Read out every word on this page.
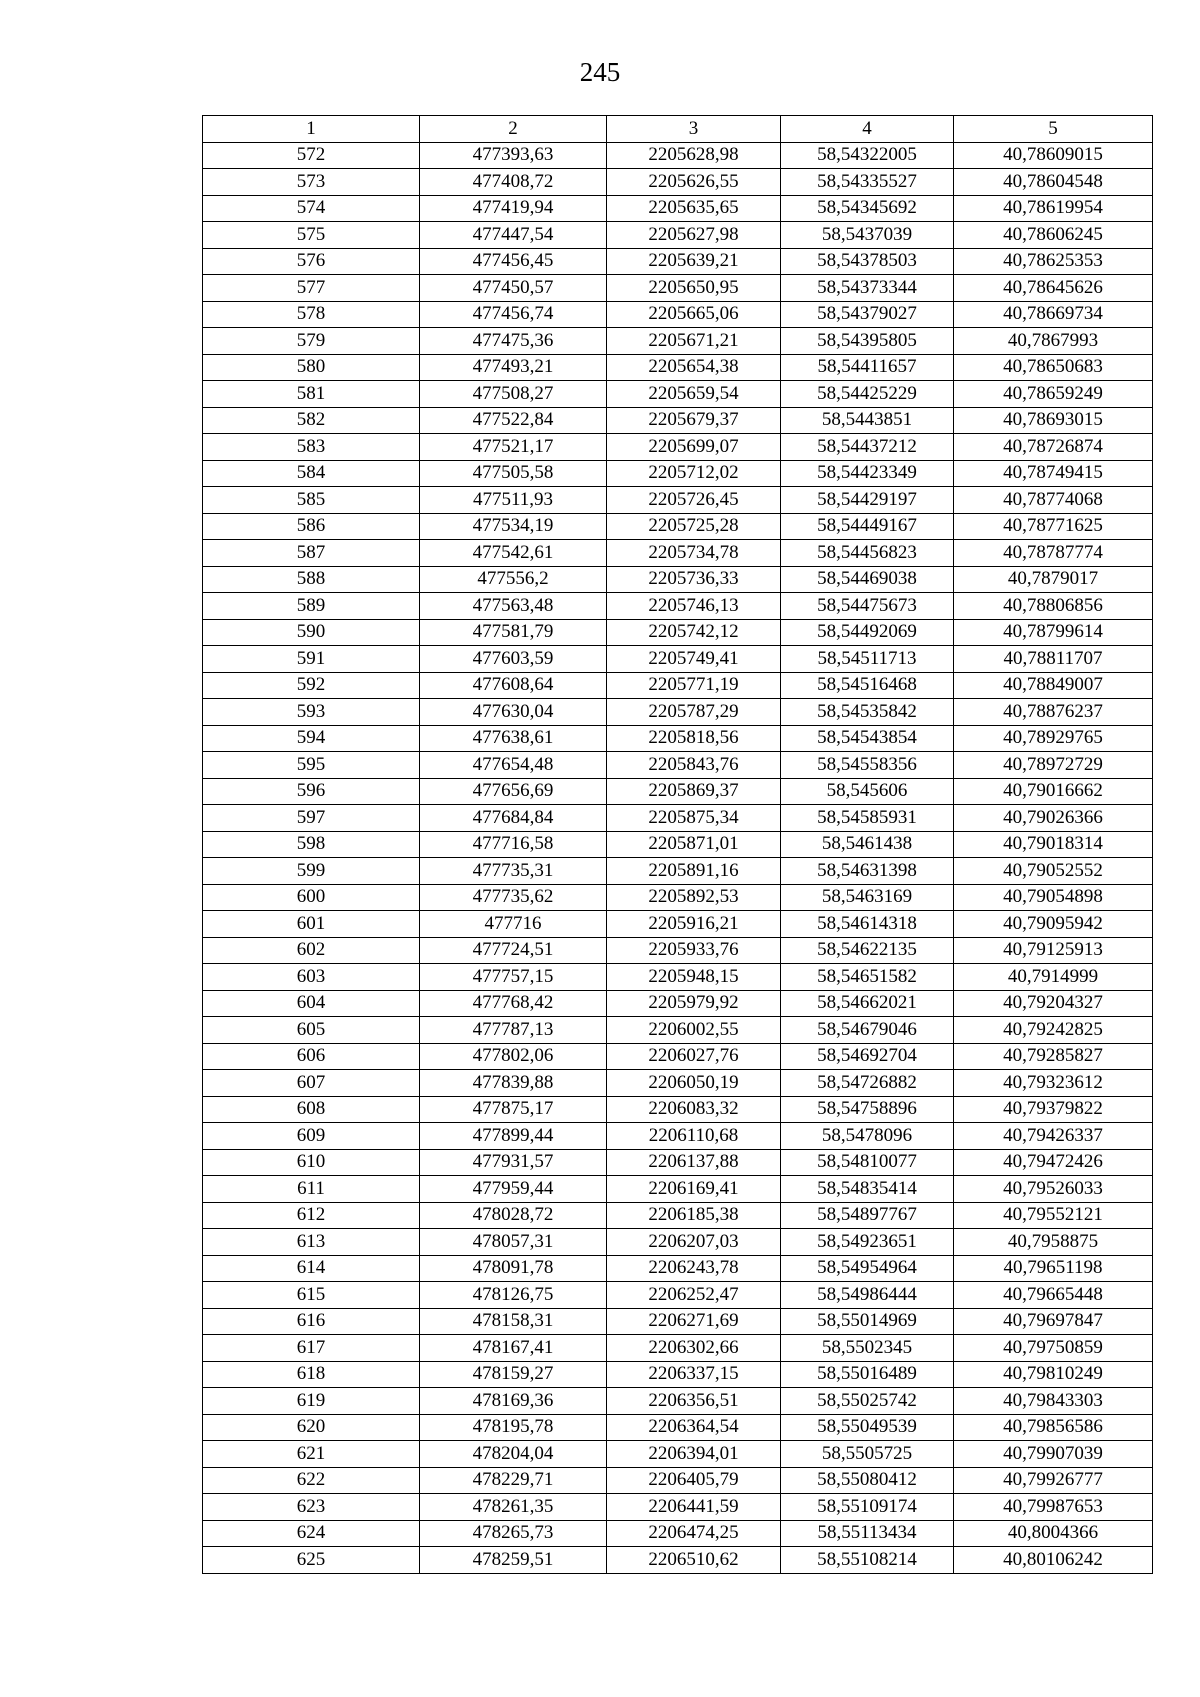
245
1	2	3	4	5
572	477393,63	2205628,98	58,54322005	40,78609015
573	477408,72	2205626,55	58,54335527	40,78604548
574	477419,94	2205635,65	58,54345692	40,78619954
575	477447,54	2205627,98	58,5437039	40,78606245
576	477456,45	2205639,21	58,54378503	40,78625353
577	477450,57	2205650,95	58,54373344	40,78645626
578	477456,74	2205665,06	58,54379027	40,78669734
579	477475,36	2205671,21	58,54395805	40,7867993
580	477493,21	2205654,38	58,54411657	40,78650683
581	477508,27	2205659,54	58,54425229	40,78659249
582	477522,84	2205679,37	58,5443851	40,78693015
583	477521,17	2205699,07	58,54437212	40,78726874
584	477505,58	2205712,02	58,54423349	40,78749415
585	477511,93	2205726,45	58,54429197	40,78774068
586	477534,19	2205725,28	58,54449167	40,78771625
587	477542,61	2205734,78	58,54456823	40,78787774
588	477556,2	2205736,33	58,54469038	40,7879017
589	477563,48	2205746,13	58,54475673	40,78806856
590	477581,79	2205742,12	58,54492069	40,78799614
591	477603,59	2205749,41	58,54511713	40,78811707
592	477608,64	2205771,19	58,54516468	40,78849007
593	477630,04	2205787,29	58,54535842	40,78876237
594	477638,61	2205818,56	58,54543854	40,78929765
595	477654,48	2205843,76	58,54558356	40,78972729
596	477656,69	2205869,37	58,545606	40,79016662
597	477684,84	2205875,34	58,54585931	40,79026366
598	477716,58	2205871,01	58,5461438	40,79018314
599	477735,31	2205891,16	58,54631398	40,79052552
600	477735,62	2205892,53	58,5463169	40,79054898
601	477716	2205916,21	58,54614318	40,79095942
602	477724,51	2205933,76	58,54622135	40,79125913
603	477757,15	2205948,15	58,54651582	40,7914999
604	477768,42	2205979,92	58,54662021	40,79204327
605	477787,13	2206002,55	58,54679046	40,79242825
606	477802,06	2206027,76	58,54692704	40,79285827
607	477839,88	2206050,19	58,54726882	40,79323612
608	477875,17	2206083,32	58,54758896	40,79379822
609	477899,44	2206110,68	58,5478096	40,79426337
610	477931,57	2206137,88	58,54810077	40,79472426
611	477959,44	2206169,41	58,54835414	40,79526033
612	478028,72	2206185,38	58,54897767	40,79552121
613	478057,31	2206207,03	58,54923651	40,7958875
614	478091,78	2206243,78	58,54954964	40,79651198
615	478126,75	2206252,47	58,54986444	40,79665448
616	478158,31	2206271,69	58,55014969	40,79697847
617	478167,41	2206302,66	58,5502345	40,79750859
618	478159,27	2206337,15	58,55016489	40,79810249
619	478169,36	2206356,51	58,55025742	40,79843303
620	478195,78	2206364,54	58,55049539	40,79856586
621	478204,04	2206394,01	58,5505725	40,79907039
622	478229,71	2206405,79	58,55080412	40,79926777
623	478261,35	2206441,59	58,55109174	40,79987653
624	478265,73	2206474,25	58,55113434	40,8004366
625	478259,51	2206510,62	58,55108214	40,80106242
